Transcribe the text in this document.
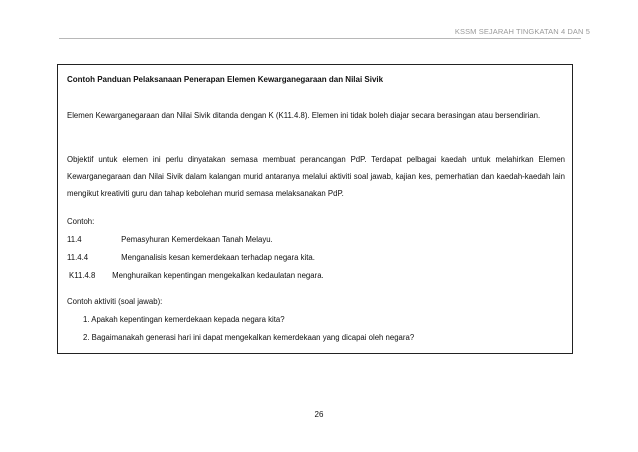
KSSM SEJARAH TINGKATAN 4 DAN 5
Contoh Panduan Pelaksanaan Penerapan Elemen Kewarganegaraan dan Nilai Sivik
Elemen Kewarganegaraan dan Nilai Sivik ditanda dengan K (K11.4.8). Elemen ini tidak boleh diajar secara berasingan atau bersendirian.
Objektif untuk elemen ini perlu dinyatakan semasa membuat perancangan PdP. Terdapat pelbagai kaedah untuk melahirkan Elemen Kewarganegaraan dan Nilai Sivik dalam kalangan murid antaranya melalui aktiviti soal jawab, kajian kes, pemerhatian dan kaedah-kaedah lain mengikut kreativiti guru dan tahap kebolehan murid semasa melaksanakan PdP.
Contoh:
11.4	Pemasyhuran Kemerdekaan Tanah Melayu.
11.4.4	Menganalisis kesan kemerdekaan terhadap negara kita.
K11.4.8 Menghuraikan kepentingan mengekalkan kedaulatan negara.
Contoh aktiviti (soal jawab):
1. Apakah kepentingan kemerdekaan kepada negara kita?
2. Bagaimanakah generasi hari ini dapat mengekalkan kemerdekaan yang dicapai oleh negara?
26
